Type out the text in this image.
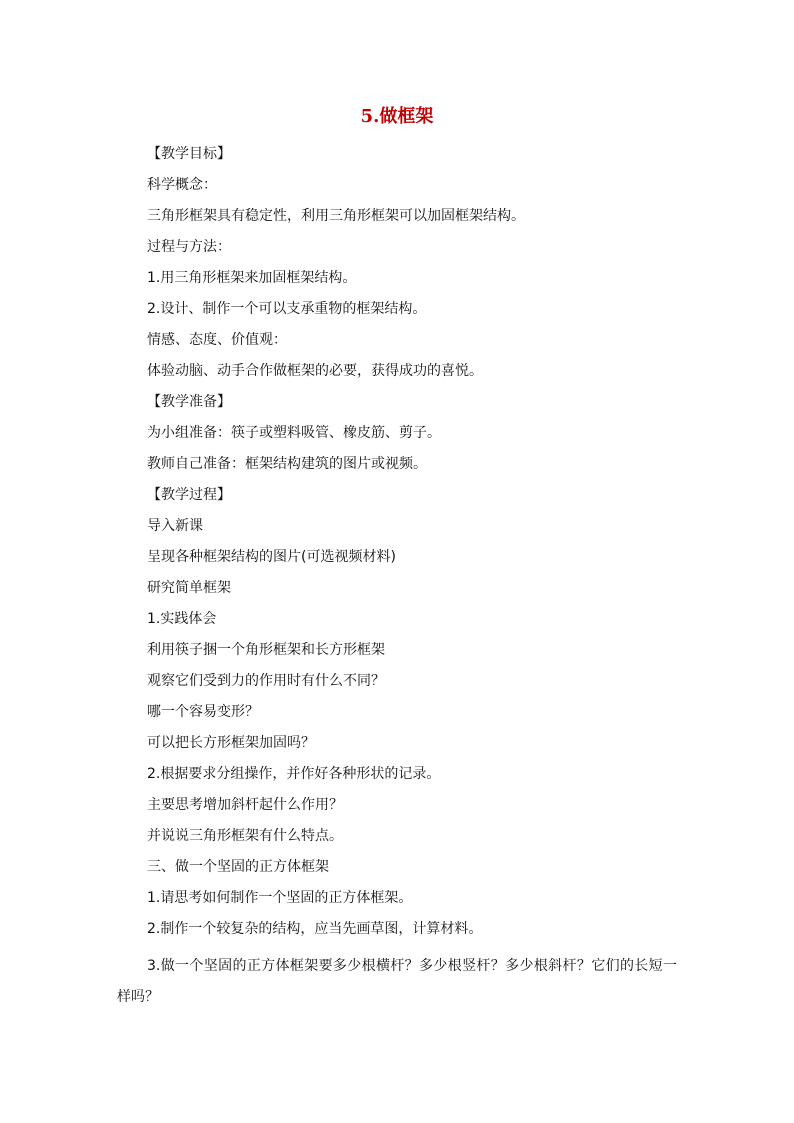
5.做框架
【教学目标】
科学概念：
三角形框架具有稳定性，利用三角形框架可以加固框架结构。
过程与方法：
1.用三角形框架来加固框架结构。
2.设计、制作一个可以支承重物的框架结构。
情感、态度、价值观：
体验动脑、动手合作做框架的必要，获得成功的喜悦。
【教学准备】
为小组准备：筷子或塑料吸管、橡皮筋、剪子。
教师自己准备：框架结构建筑的图片或视频。
【教学过程】
导入新课
呈现各种框架结构的图片(可选视频材料)
研究简单框架
1.实践体会
利用筷子捆一个角形框架和长方形框架
观察它们受到力的作用时有什么不同？
哪一个容易变形？
可以把长方形框架加固吗？
2.根据要求分组操作，并作好各种形状的记录。
主要思考增加斜杆起什么作用？
并说说三角形框架有什么特点。
三、做一个坚固的正方体框架
1.请思考如何制作一个坚固的正方体框架。
2.制作一个较复杂的结构，应当先画草图，计算材料。
3.做一个坚固的正方体框架要多少根横杆？多少根竖杆？多少根斜杆？它们的长短一样吗？
